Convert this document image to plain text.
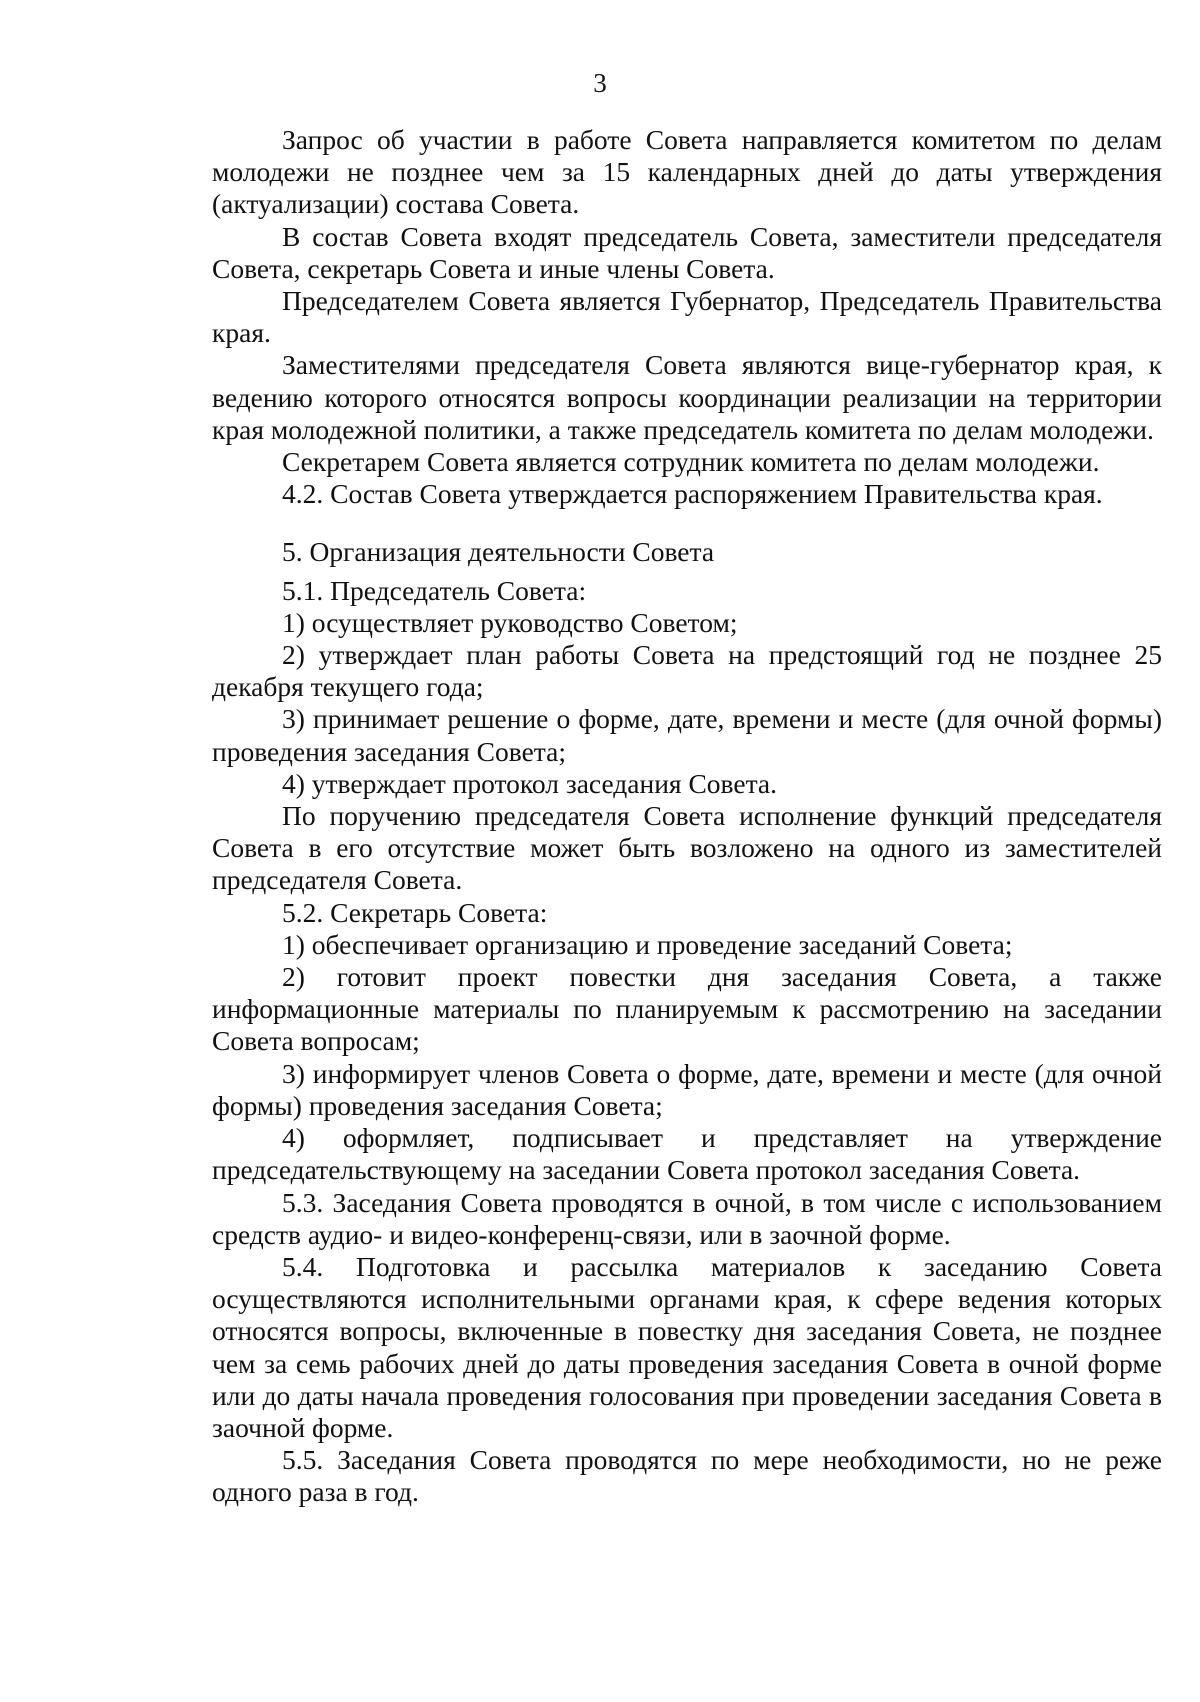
3

Запрос об участии в работе Совета направляется комитетом по делам молодежи не позднее чем за 15 календарных дней до даты утверждения (актуализации) состава Совета.

В состав Совета входят председатель Совета, заместители председателя Совета, секретарь Совета и иные члены Совета.

Председателем Совета является Губернатор, Председатель Правительства края.

Заместителями председателя Совета являются вице-губернатор края, к ведению которого относятся вопросы координации реализации на территории края молодежной политики, а также председатель комитета по делам молодежи.

Секретарем Совета является сотрудник комитета по делам молодежи.

4.2. Состав Совета утверждается распоряжением Правительства края.

5. Организация деятельности Совета

5.1. Председатель Совета:

1) осуществляет руководство Советом;

2) утверждает план работы Совета на предстоящий год не позднее 25 декабря текущего года;

3) принимает решение о форме, дате, времени и месте (для очной формы) проведения заседания Совета;

4) утверждает протокол заседания Совета.

По поручению председателя Совета исполнение функций председателя Совета в его отсутствие может быть возложено на одного из заместителей председателя Совета.

5.2. Секретарь Совета:

1) обеспечивает организацию и проведение заседаний Совета;

2) готовит проект повестки дня заседания Совета, а также информационные материалы по планируемым к рассмотрению на заседании Совета вопросам;

3) информирует членов Совета о форме, дате, времени и месте (для очной формы) проведения заседания Совета;

4) оформляет, подписывает и представляет на утверждение председательствующему на заседании Совета протокол заседания Совета.

5.3. Заседания Совета проводятся в очной, в том числе с использованием средств аудио- и видео-конференц-связи, или в заочной форме.

5.4. Подготовка и рассылка материалов к заседанию Совета осуществляются исполнительными органами края, к сфере ведения которых относятся вопросы, включенные в повестку дня заседания Совета, не позднее чем за семь рабочих дней до даты проведения заседания Совета в очной форме или до даты начала проведения голосования при проведении заседания Совета в заочной форме.

5.5. Заседания Совета проводятся по мере необходимости, но не реже одного раза в год.
